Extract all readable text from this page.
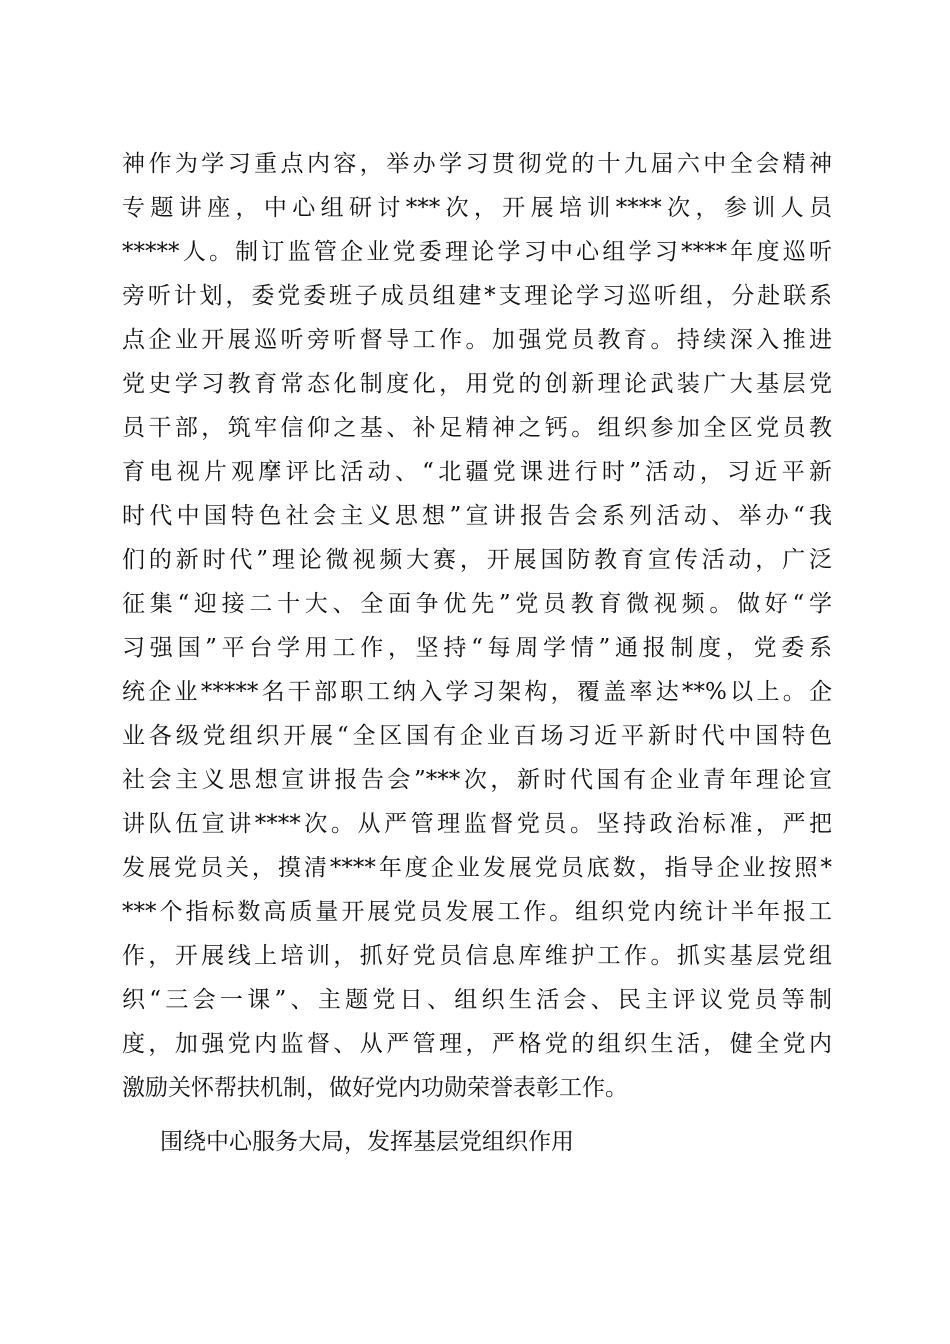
神作为学习重点内容，举办学习贯彻党的十九届六中全会精神
专题讲座，中心组研讨***次，开展培训****次，参训人员
*****人。制订监管企业党委理论学习中心组学习****年度巡听
旁听计划，委党委班子成员组建*支理论学习巡听组，分赴联系
点企业开展巡听旁听督导工作。加强党员教育。持续深入推进
党史学习教育常态化制度化，用党的创新理论武装广大基层党
员干部，筑牢信仰之基、补足精神之钙。组织参加全区党员教
育电视片观摩评比活动、“北疆党课进行时”活动，习近平新
时代中国特色社会主义思想”宣讲报告会系列活动、举办“我
们的新时代”理论微视频大赛，开展国防教育宣传活动，广泛
征集“迎接二十大、全面争优先”党员教育微视频。做好“学
习强国”平台学用工作，坚持“每周学情”通报制度，党委系
统企业*****名干部职工纳入学习架构，覆盖率达**%以上。企
业各级党组织开展“全区国有企业百场习近平新时代中国特色
社会主义思想宣讲报告会”***次，新时代国有企业青年理论宣
讲队伍宣讲****次。从严管理监督党员。坚持政治标准，严把
发展党员关，摸清****年度企业发展党员底数，指导企业按照*
***个指标数高质量开展党员发展工作。组织党内统计半年报工
作，开展线上培训，抓好党员信息库维护工作。抓实基层党组
织“三会一课”、主题党日、组织生活会、民主评议党员等制
度，加强党内监督、从严管理，严格党的组织生活，健全党内
激励关怀帮扶机制，做好党内功勋荣誉表彰工作。
围绕中心服务大局，发挥基层党组织作用
